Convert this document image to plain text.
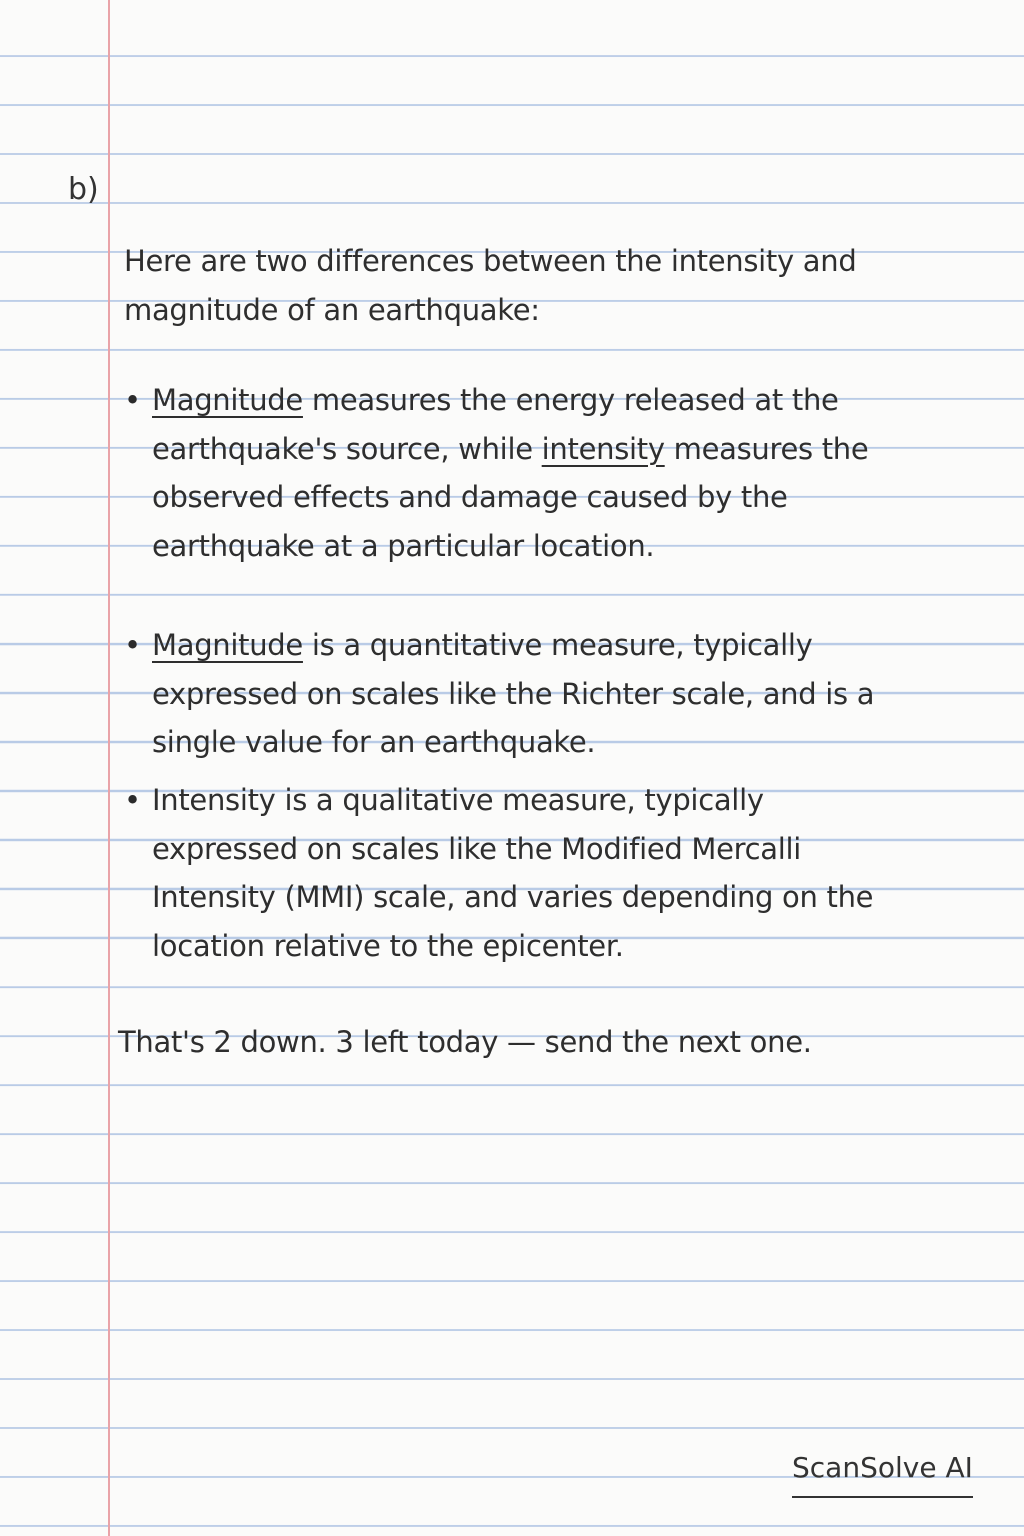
b)
Here are two differences between the intensity and magnitude of an earthquake:
• Magnitude measures the energy released at the earthquake's source, while intensity measures the observed effects and damage caused by the earthquake at a particular location.
• Magnitude is a quantitative measure, typically expressed on scales like the Richter scale, and is a single value for an earthquake.
• Intensity is a qualitative measure, typically expressed on scales like the Modified Mercalli Intensity (MMI) scale, and varies depending on the location relative to the epicenter.
That's 2 down. 3 left today — send the next one.
ScanSolve AI
